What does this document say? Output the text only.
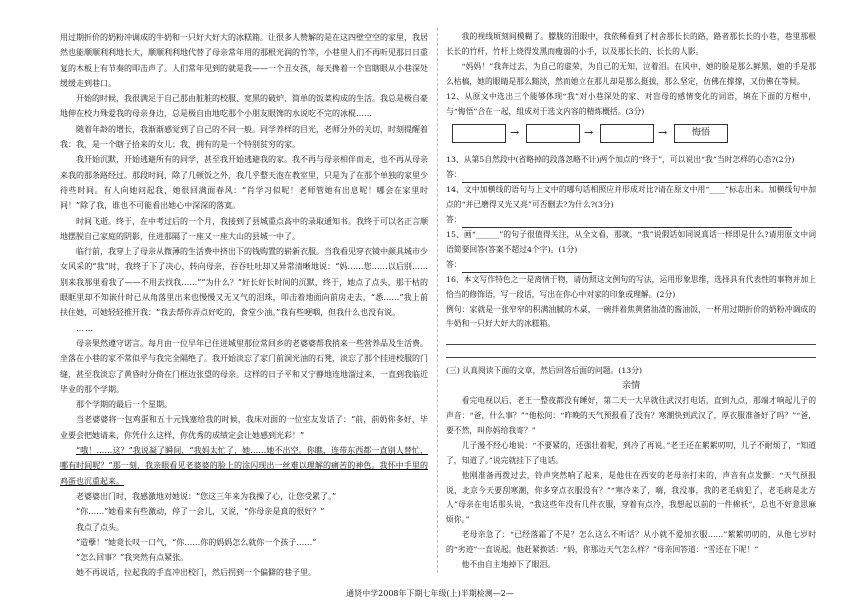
用过期折价的奶粉冲调成的牛奶和一只好大好大的冰糕箱。让很多人赞解的是在这四壁空空的家里，我居然也能顺顺利利地长大，顺顺利利地代替了母亲常年用的那根光润的竹竿，小巷里人们不再听见那日日重复的木板上有节奏的叩击声了。人们常年见到的就是我——一个丑女孩，每天搀着一个盲瞎眼从小巷深处缓缓走到巷口。

开始的时候，我很满足于自己那由脏脏的校服、宽黑的破炉、简单的饭菜构成的生活。我总是极自豪地伸在校力殊爱我的母亲身边，总是极自由地吃那个小朋友眼馋的水说吃不完的冰棍……

随着年龄的增长，我渐渐感觉到了自己的不同一般。同学养样的目光，老师分外的关切，时刻提醒着我：我，是一个瞎子拾来的女儿；我，拥有的是一个特别贫穷的家。

我开始沉默，开始逃避所有的同学，甚至我开始逃避我的家。我不再与母亲相伴而走，也不再从母亲来我的那条路经过。那段时间，除了几顿饭之外，我几乎整天泡在教室里，只是为了在那个单独的家里少待些时间。有人向她问起我，她很回满面春风：“肖学习似呢！老师管她有出息呢！哪会在家里时间！”除了我，谁也不可能看出她心中深深的落寞。

时间飞逝。终于，在中考过后的一个月，我接到了县城重点高中的录取通知书。我终于可以名正言顺地摆脱自己家庭的阴影，住进那隔了一座又一座大山的县城一中了。

临行前，我穿上了母亲从微薄的生活费中挤出下的钱购置的崭新衣服。当我看见穿衣镜中颜具城市少女风采的“我”时，我终于下了决心，转向母亲，吞吞吐吐却又异常清晰地说：“妈……您……以后别……别来我那里看我了——不用去找我……”“为什么？”好长好长时间的沉默，终于，她点了点头，那干枯的眼眶里却不知嵌什时已从角落里出来也慢慢又无又气的泪珠，叩击着地面向前房走去，“悉……”我上前扶住她，可她轻轻推开我：“我去帮你弄点好吃的，食堂少油。”我有些哽咽，但我什么也没有说。

……

母亲果然遵守诺言。每月由一位早年已住进城里那位常回乡的老婆婆帮我捎来一些营养品及生活费。坐落在小巷的家不常似乎与我完全隔绝了。我开始淡忘了家门前洞光油的石凳，淡忘了那个挂进校服的门缝，甚至我淡忘了黄昏时分倚在门框边张望的母亲。这样的日子平和又宁静地连地溜过来，一直到我临近毕业的那个学期。

那个学期的最后一个星期。

当老婆婆将一包鸡蛋和五十元钱塞给我的时候，我床对面的一位室友发话了：“前，前奶你多好，毕业要会把她请来，你凭什么这样，你优秀的成绩定会让她感到光彩！”

“哦！……这？”我说凝了瞬间，“我妈太忙了，她……她不出空。你瞧，连带东西都一直别人替忙，哪有时间呢？”那一刻，我亲眼看见老婆婆的脸上的涂闪现出一丝难以理解的痛苦的神色。我怀中手里的鸡蛋也沉重起来。

老婆婆出门时，我感激地对她说：“您这三年来为我操了心，让您受累了。”

“你……”她看来有些激动，停了一会儿，又说，“你母亲是真的很好？”

我点了点头。

“造孽！”她竟长叹一口气，“你……你的妈妈怎么就你一个孩子……”

“怎么回事？”我突然有点紧张。

她不再说话，拉起我的手直冲出校门，然后拐到一个偏僻的巷子里。

我的视线顷刻间模糊了。朦胧的泪眼中，我依稀看到了村舍那长长的路，路者那长长的小巷，巷里那根长长的竹杆，竹杆上烧得发黑而瘦弱的小手，以及那长长的、长长的人影。

“妈妈！”我奔过去，为自己的虚荣，为自己的无知，泣着泪。在风中，她的脸是那么鲜黑，她的手是那么枯槁，她的眼睛是那么黯淡，然而她立在那儿却是那么挺拔，那么坚定，仿佛在撑撑，又仿佛在等候。

12、从原文中选出三个能够体现“我”对小巷深处的家、对盲母的感情变化的词语，填在下面的方框中，与“悔悟”合在一起，组成对于选文内容的精炼概括。(3分)

→	→	→	悔悟

13、从第5自然段中(省略掉的段落忽略不计)两个加点的“终于”，可以说出“我”当时怎样的心态?(2分)

答：

14、文中加横线的语句与上文中的哪句话相照应并形成对比?请在原文中用“____”标志出来。加横线句中加点的“并已磨得又光又亮”可否删去?为什么?(3分)

答：

15、画“______”的句子很值得关注，从全文看，那就，“我”说假话如同说真话一样即是什么?请用原文中词语简要回答(答案不超过4个字)。(1分)

答：

16、本文写作特色之一是离情于物，请仿照这文例句的写法，运用形象思维，选择具有代表性的事物并加上恰当的修饰语，写一段话，写出在你心中对家的印象或理解。(2分)

例句：家就是一张窄窄的积满油腻的木桌，一碗拌着焦黄猪油渣的酱油饭，一杯用过期折价的奶粉冲调成的牛奶和一只好大好大的冰糕箱。

(三) 认真阅读下面的文章，然后回答后面的问题。(13分)

亲情

看完电视以后，老王一整夜都没有睡好，第二天一大早就往武汉打电话，直到九点，那端才响起儿子的声音：“爸，什么事？”“他松问：“昨晚的天气预报看了没有？寒潮快到武汉了，厚衣服准备好了吗？”“爸，要不然，叫你妈给我寄？”

儿子漫不经心地说：“不要紧的，还强壮着呢，到冷了再说。”老王还在絮絮叨叨，儿子不耐烦了，“知道了，知道了。”说完就挂下了电话。

他刚准备再拨过去，铃声突然响了起来，是他住在西安的老母亲打来的，声音有点发颤：“天气预报说，北京今天要刮寒潮，你多穿点衣服没有？”“寒冷来了，嗨，我没事，我的老毛病犯了，老毛病是北方人”母亲在电话那头说，“我这些年没有几件衣服，穿着有点冷，我想起以前的一件棉袄”，总也不好意思麻烦你。”

老母亲急了：“已经落霜了不是？怎么这么不听话？从小就不爱加衣服……”絮絮叨叨的，从他七岁时的“劣迹”一直说起。他赶紧换话：“妈，你那边天气怎么样？”母亲回答道：“雪还在下呢！”

他不由自主地掉下了眼泪。

通贤中学2008年下期七年级(上)半期检测—2—
